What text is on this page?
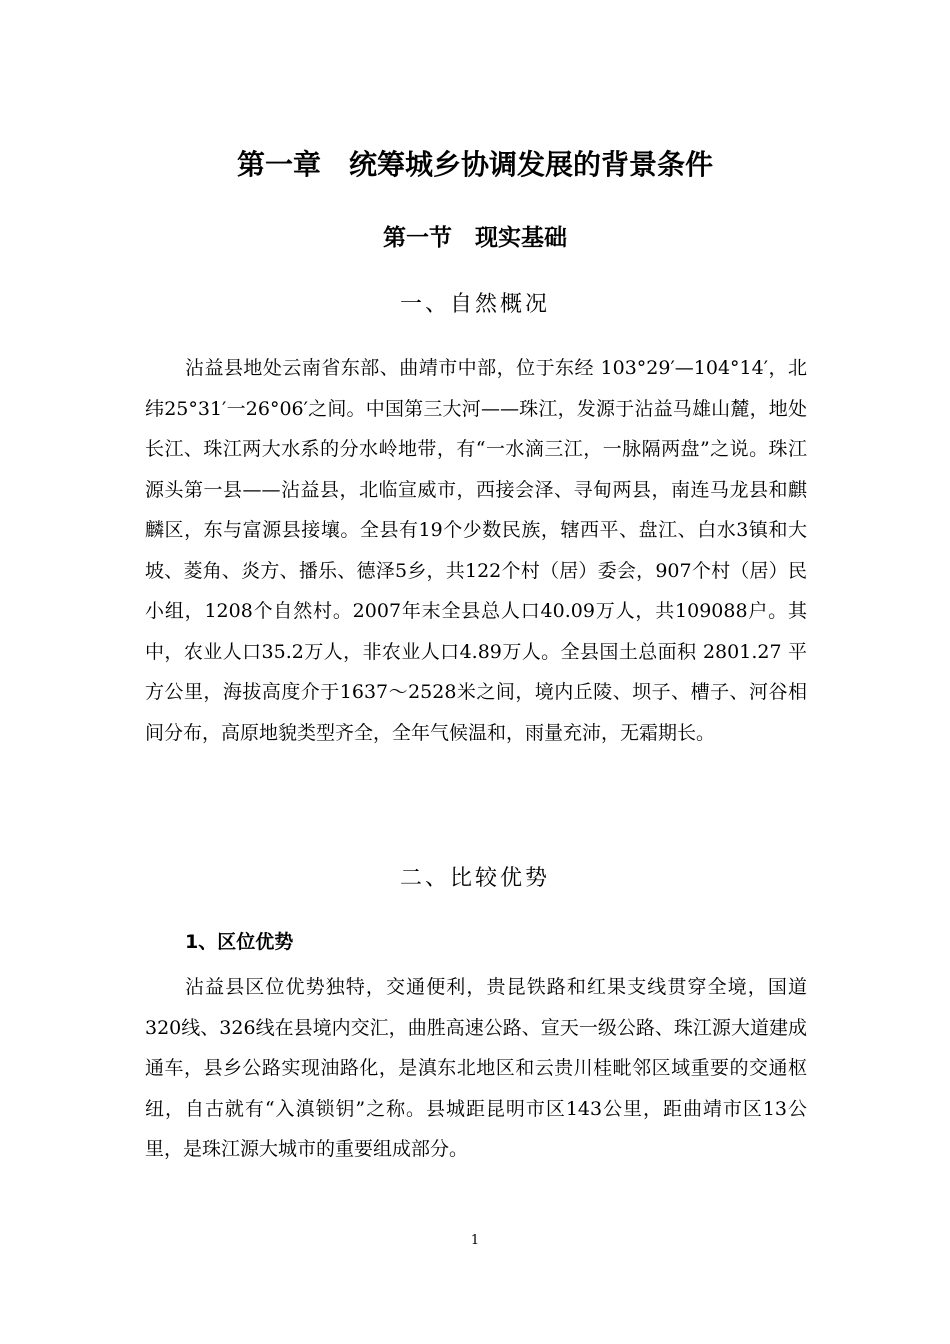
第一章　统筹城乡协调发展的背景条件
第一节　现实基础
一、自然概况

沾益县地处云南省东部、曲靖市中部，位于东经 103°29′—104°14′，北纬25°31′一26°06′之间。中国第三大河——珠江，发源于沾益马雄山麓，地处长江、珠江两大水系的分水岭地带，有“一水滴三江，一脉隔两盘”之说。珠江源头第一县——沾益县，北临宣威市，西接会泽、寻甸两县，南连马龙县和麒麟区，东与富源县接壤。全县有19个少数民族，辖西平、盘江、白水3镇和大坡、菱角、炎方、播乐、德泽5乡，共122个村（居）委会，907个村（居）民小组，1208个自然村。2007年末全县总人口40.09万人，共109088户。其中，农业人口35.2万人，非农业人口4.89万人。全县国土总面积 2801.27 平方公里，海拔高度介于1637～2528米之间，境内丘陵、坝子、槽子、河谷相间分布，高原地貌类型齐全，全年气候温和，雨量充沛，无霜期长。

二、比较优势
1、区位优势

沾益县区位优势独特，交通便利，贵昆铁路和红果支线贯穿全境，国道320线、326线在县境内交汇，曲胜高速公路、宣天一级公路、珠江源大道建成通车，县乡公路实现油路化，是滇东北地区和云贵川桂毗邻区域重要的交通枢纽，自古就有“入滇锁钥”之称。县城距昆明市区143公里，距曲靖市区13公里，是珠江源大城市的重要组成部分。

1
